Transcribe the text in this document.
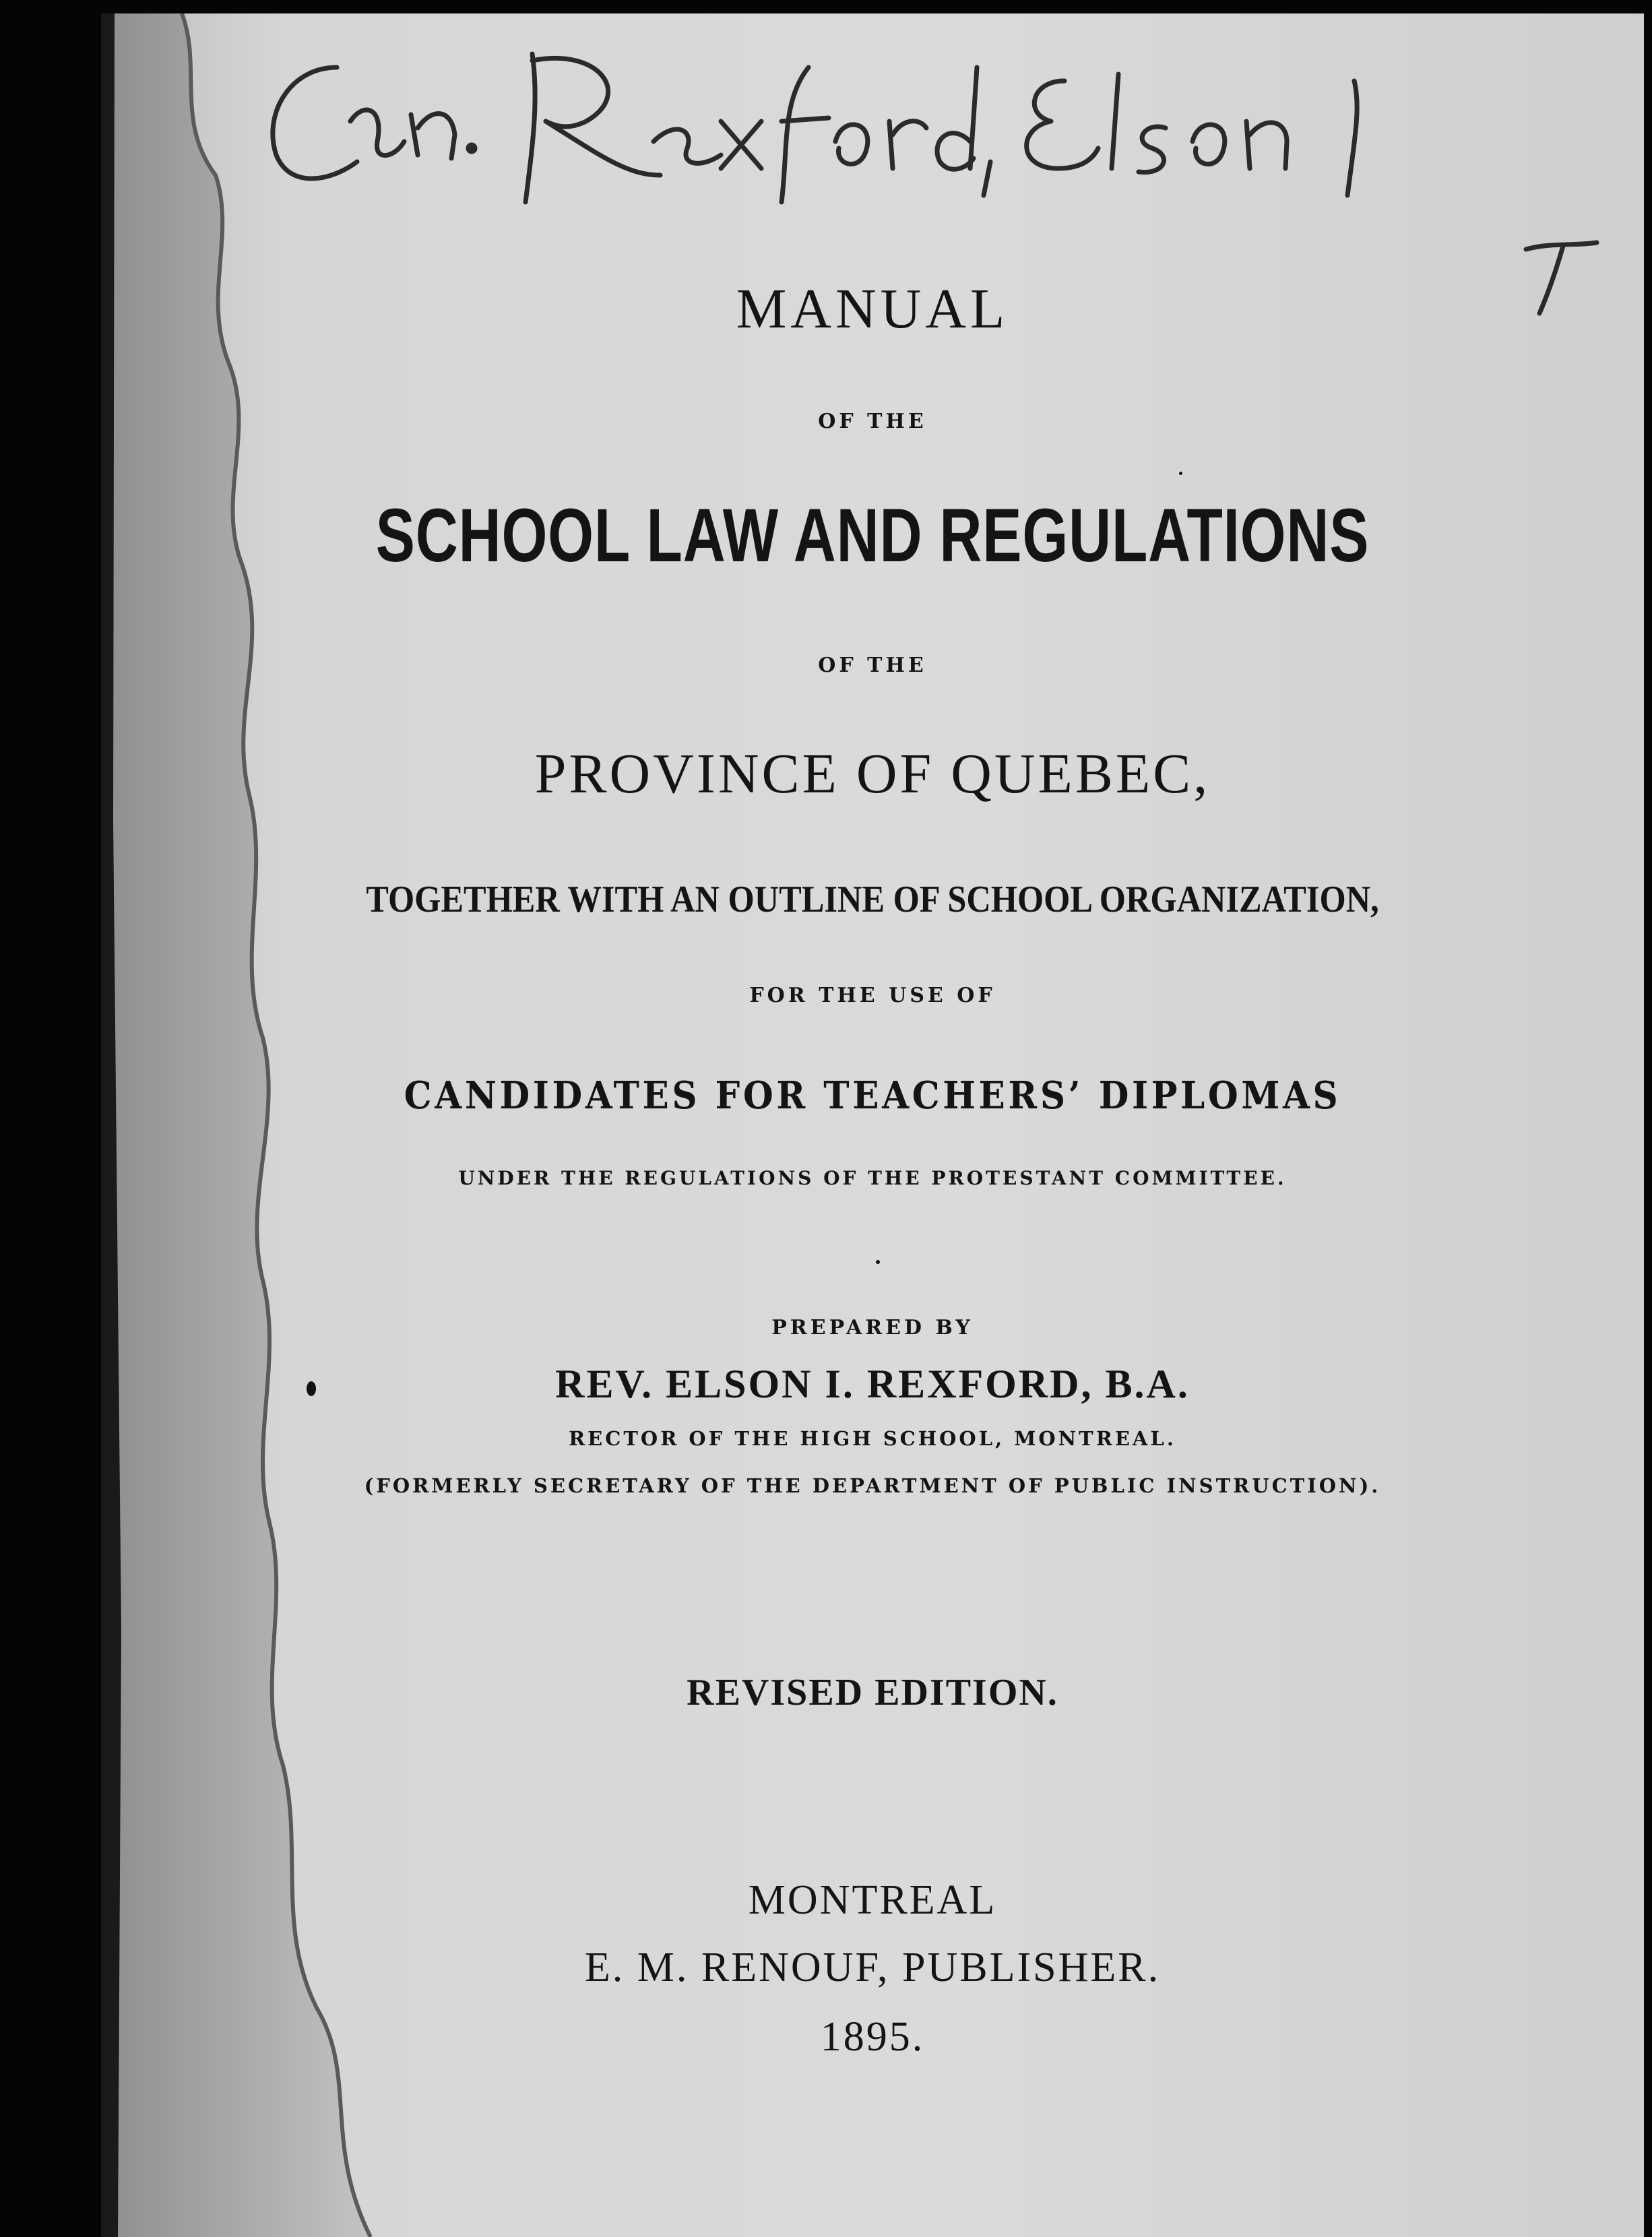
MANUAL

OF THE

SCHOOL LAW AND REGULATIONS

OF THE

PROVINCE OF QUEBEC,

TOGETHER WITH AN OUTLINE OF SCHOOL ORGANIZATION,

FOR THE USE OF

CANDIDATES FOR TEACHERS’ DIPLOMAS

UNDER THE REGULATIONS OF THE PROTESTANT COMMITTEE.

PREPARED BY

REV. ELSON I. REXFORD, B.A.

RECTOR OF THE HIGH SCHOOL, MONTREAL.

(FORMERLY SECRETARY OF THE DEPARTMENT OF PUBLIC INSTRUCTION).

REVISED EDITION.

MONTREAL

E. M. RENOUF, PUBLISHER.

1895.
